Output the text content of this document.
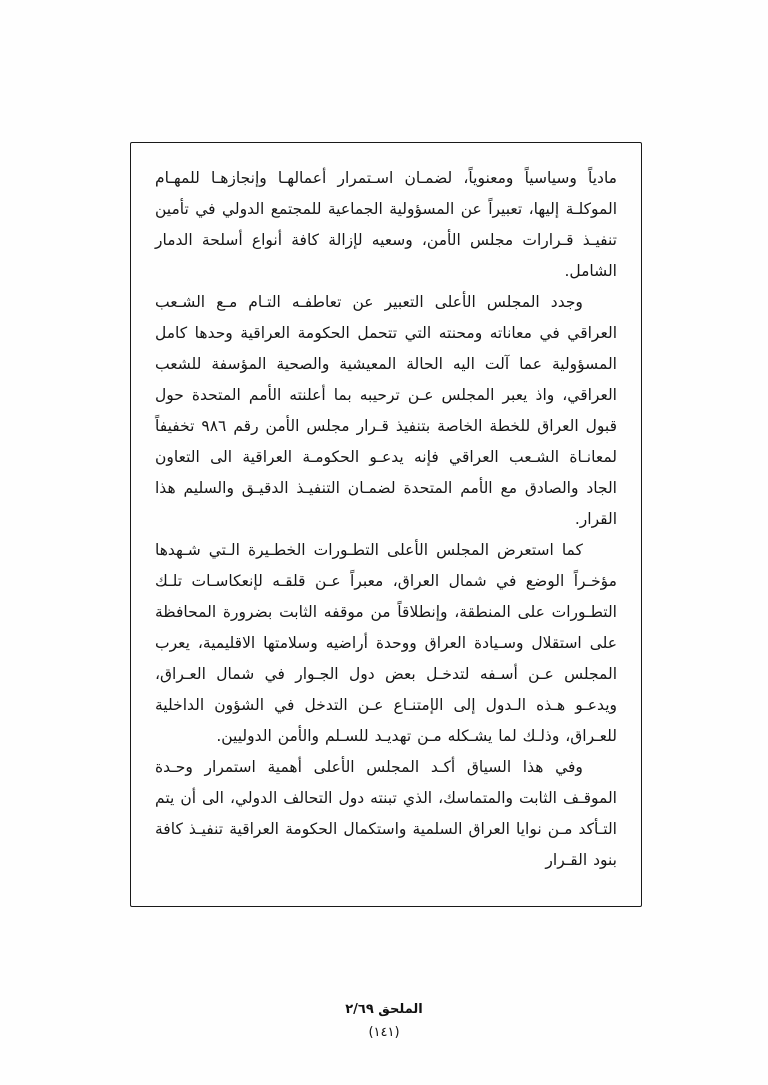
مادياً وسياسياً ومعنوياً، لضمـان اسـتمرار أعمالهـا وإنجازهـا للمهـام الموكلـة إليها، تعبيراً عن المسؤولية الجماعية للمجتمع الدولي في تأمين تنفيـذ قـرارات مجلس الأمن، وسعيه لإزالة كافة أنواع أسلحة الدمار الشامل.

وجدد المجلس الأعلى التعبير عن تعاطفـه التـام مـع الشـعب العراقي في معاناته ومحنته التي تتحمل الحكومة العراقية وحدها كامل المسؤولية عما آلت اليه الحالة المعيشية والصحية المؤسفة للشعب العراقي، واذ يعبر المجلس عـن ترحيبه بما أعلنته الأمم المتحدة حول قبول العراق للخطة الخاصة بتنفيذ قـرار مجلس الأمن رقم ٩٨٦ تخفيفاً لمعانـاة الشـعب العراقي فإنه يدعـو الحكومـة العراقية الى التعاون الجاد والصادق مع الأمم المتحدة لضمـان التنفيـذ الدقيـق والسليم هذا القرار.

كما استعرض المجلس الأعلى التطـورات الخطـيرة الـتي شـهدها مؤخـراً الوضع في شمال العراق، معبراً عـن قلقـه لإنعكاسـات تلـك التطـورات على المنطقة، وإنطلاقاً من موقفه الثابت بضرورة المحافظة على استقلال وسـيادة العراق ووحدة أراضيه وسلامتها الاقليمية، يعرب المجلس عـن أسـفه لتدخـل بعض دول الجـوار في شمال العـراق، ويدعـو هـذه الـدول إلى الإمتنـاع عـن التدخل في الشؤون الداخلية للعـراق، وذلـك لما يشـكله مـن تهديـد للسـلم والأمن الدوليين.

وفي هذا السياق أكـد المجلس الأعلى أهمية استمرار وحـدة الموقـف الثابت والمتماسك، الذي تبنته دول التحالف الدولي، الى أن يتم التـأكد مـن نوايا العراق السلمية واستكمال الحكومة العراقية تنفيـذ كافة بنود القـرار

الملحق ٢/٦٩
(١٤١)
